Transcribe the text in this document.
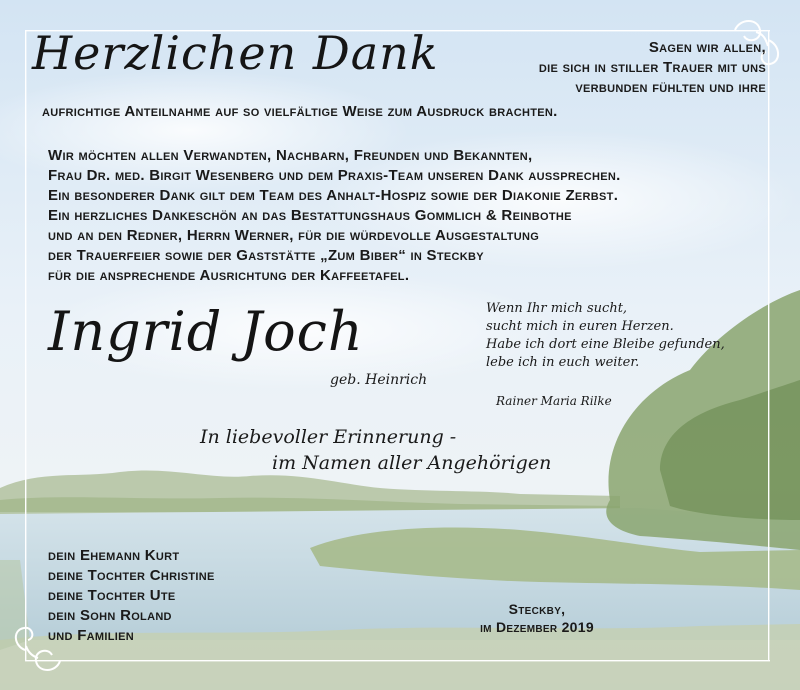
Herzlichen Dank	Sagen wir allen,
die sich in stiller Trauer mit uns
verbunden fühlten und ihre
aufrichtige Anteilnahme auf so vielfältige Weise zum Ausdruck brachten.
Wir möchten allen Verwandten, Nachbarn, Freunden und Bekannten,
Frau Dr. med. Birgit Wesenberg und dem Praxis-Team unseren Dank aussprechen.
Ein besonderer Dank gilt dem Team des Anhalt-Hospiz sowie der Diakonie Zerbst.
Ein herzliches Dankeschön an das Bestattungshaus Gommlich & Reinbothe
und an den Redner, Herrn Werner, für die würdevolle Ausgestaltung
der Trauerfeier sowie der Gaststätte „Zum Biber“ in Steckby
für die ansprechende Ausrichtung der Kaffeetafel.
Ingrid Joch
geb. Heinrich
Wenn Ihr mich sucht,
sucht mich in euren Herzen.
Habe ich dort eine Bleibe gefunden,
lebe ich in euch weiter.
Rainer Maria Rilke
In liebevoller Erinnerung -
im Namen aller Angehörigen
dein Ehemann Kurt
deine Tochter Christine
deine Tochter Ute
dein Sohn Roland
und Familien
Steckby,
im Dezember 2019
